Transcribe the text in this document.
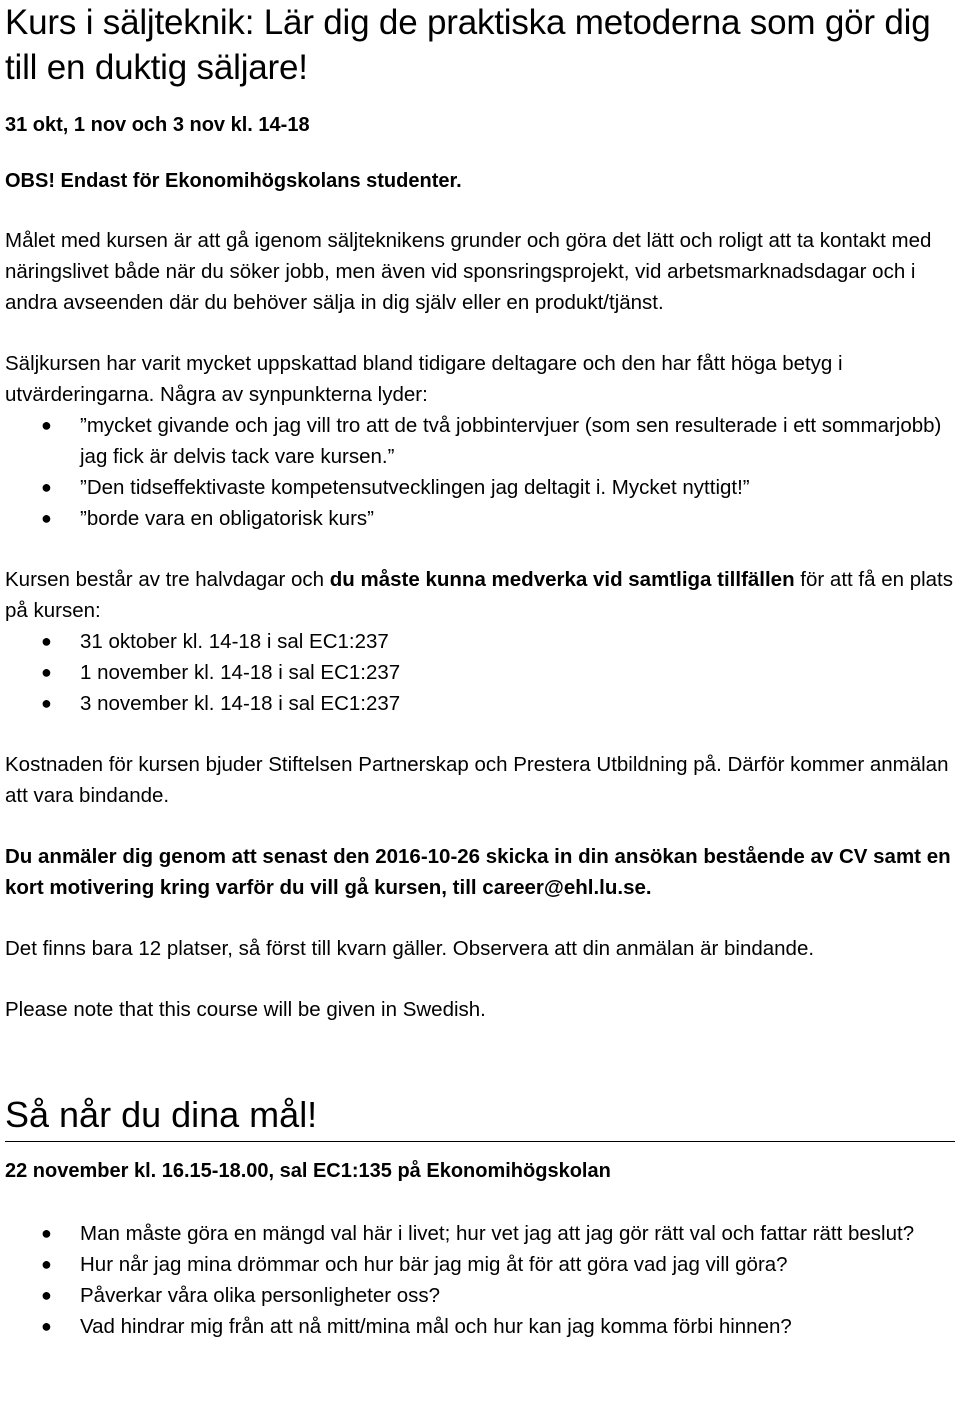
Kurs i säljteknik: Lär dig de praktiska metoderna som gör dig till en duktig säljare!

31 okt, 1 nov och 3 nov kl. 14-18

OBS! Endast för Ekonomihögskolans studenter.

Målet med kursen är att gå igenom säljteknikens grunder och göra det lätt och roligt att ta kontakt med näringslivet både när du söker jobb, men även vid sponsringsprojekt, vid arbetsmarknadsdagar och i andra avseenden där du behöver sälja in dig själv eller en produkt/tjänst.

Säljkursen har varit mycket uppskattad bland tidigare deltagare och den har fått höga betyg i utvärderingarna. Några av synpunkterna lyder:

● ”mycket givande och jag vill tro att de två jobbintervjuer (som sen resulterade i ett sommarjobb) jag fick är delvis tack vare kursen.”
● ”Den tidseffektivaste kompetensutvecklingen jag deltagit i. Mycket nyttigt!”
● ”borde vara en obligatorisk kurs”

Kursen består av tre halvdagar och du måste kunna medverka vid samtliga tillfällen för att få en plats på kursen:

● 31 oktober kl. 14-18 i sal EC1:237
● 1 november kl. 14-18 i sal EC1:237
● 3 november kl. 14-18 i sal EC1:237

Kostnaden för kursen bjuder Stiftelsen Partnerskap och Prestera Utbildning på. Därför kommer anmälan att vara bindande.

Du anmäler dig genom att senast den 2016-10-26 skicka in din ansökan bestående av CV samt en kort motivering kring varför du vill gå kursen, till career@ehl.lu.se.

Det finns bara 12 platser, så först till kvarn gäller. Observera att din anmälan är bindande.

Please note that this course will be given in Swedish.

Så når du dina mål!

22 november kl. 16.15-18.00, sal EC1:135 på Ekonomihögskolan

● Man måste göra en mängd val här i livet; hur vet jag att jag gör rätt val och fattar rätt beslut?
● Hur når jag mina drömmar och hur bär jag mig åt för att göra vad jag vill göra?
● Påverkar våra olika personligheter oss?
● Vad hindrar mig från att nå mitt/mina mål och hur kan jag komma förbi hinnen?
